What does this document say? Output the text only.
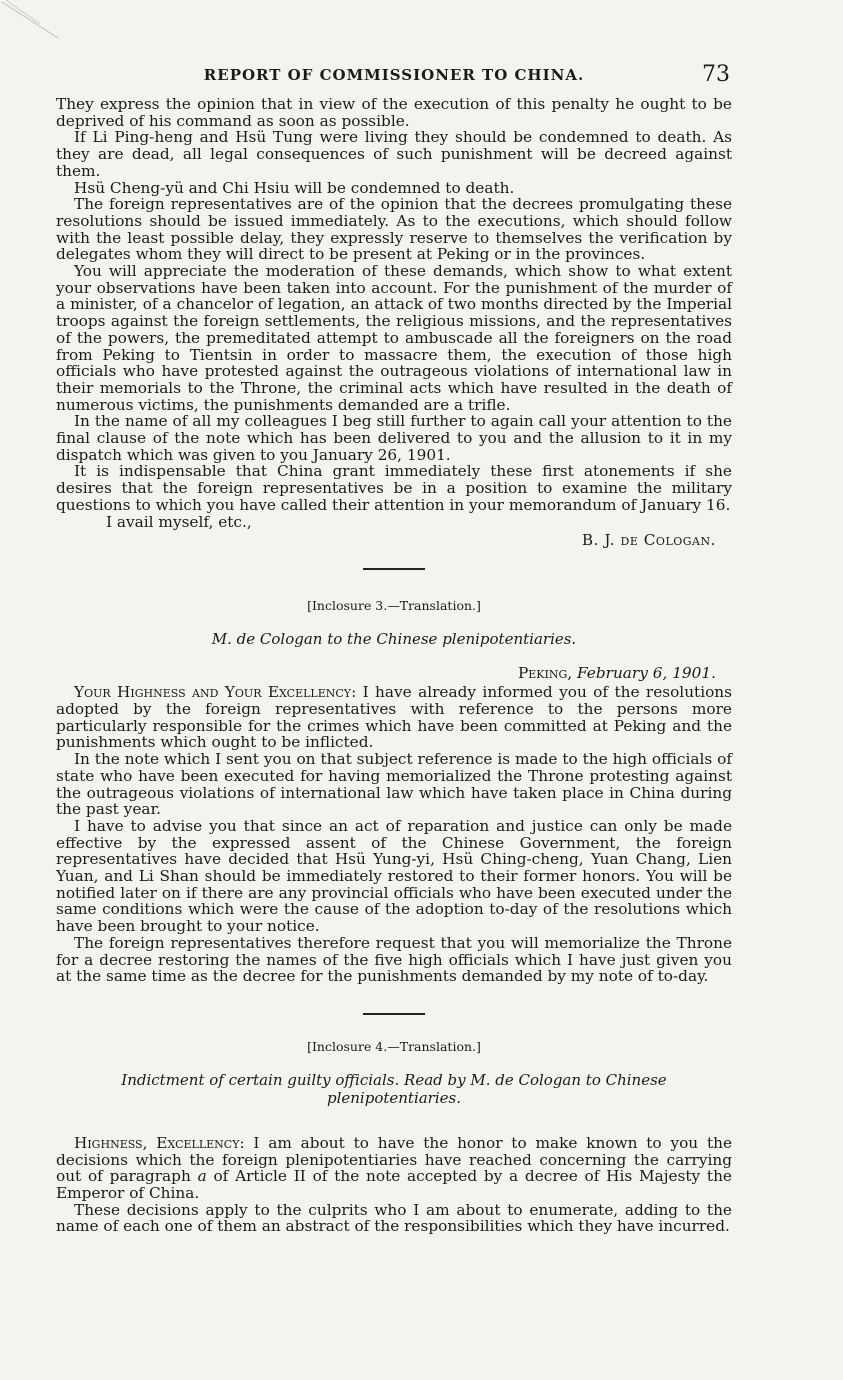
REPORT OF COMMISSIONER TO CHINA.	73

They express the opinion that in view of the execution of this penalty he ought to be deprived of his command as soon as possible.

If Li Ping-heng and Hsü Tung were living they should be condemned to death. As they are dead, all legal consequences of such punishment will be decreed against them.

Hsü Cheng-yü and Chi Hsiu will be condemned to death.

The foreign representatives are of the opinion that the decrees promulgating these resolutions should be issued immediately. As to the executions, which should follow with the least possible delay, they expressly reserve to themselves the verification by delegates whom they will direct to be present at Peking or in the provinces.

You will appreciate the moderation of these demands, which show to what extent your observations have been taken into account. For the punishment of the murder of a minister, of a chancelor of legation, an attack of two months directed by the Imperial troops against the foreign settlements, the religious missions, and the representatives of the powers, the premeditated attempt to ambuscade all the foreigners on the road from Peking to Tientsin in order to massacre them, the execution of those high officials who have protested against the outrageous violations of international law in their memorials to the Throne, the criminal acts which have resulted in the death of numerous victims, the punishments demanded are a trifle.

In the name of all my colleagues I beg still further to again call your attention to the final clause of the note which has been delivered to you and the allusion to it in my dispatch which was given to you January 26, 1901.

It is indispensable that China grant immediately these first atonements if she desires that the foreign representatives be in a position to examine the military questions to which you have called their attention in your memorandum of January 16.

I avail myself, etc.,
B. J. de Cologan.
[Inclosure 3.—Translation.]
M. de Cologan to the Chinese plenipotentiaries.
Peking, February 6, 1901.

Your Highness and Your Excellency: I have already informed you of the resolutions adopted by the foreign representatives with reference to the persons more particularly responsible for the crimes which have been committed at Peking and the punishments which ought to be inflicted.

In the note which I sent you on that subject reference is made to the high officials of state who have been executed for having memorialized the Throne protesting against the outrageous violations of international law which have taken place in China during the past year.

I have to advise you that since an act of reparation and justice can only be made effective by the expressed assent of the Chinese Government, the foreign representatives have decided that Hsü Yung-yi, Hsü Ching-cheng, Yuan Chang, Lien Yuan, and Li Shan should be immediately restored to their former honors. You will be notified later on if there are any provincial officials who have been executed under the same conditions which were the cause of the adoption to-day of the resolutions which have been brought to your notice.

The foreign representatives therefore request that you will memorialize the Throne for a decree restoring the names of the five high officials which I have just given you at the same time as the decree for the punishments demanded by my note of to-day.

[Inclosure 4.—Translation.]
Indictment of certain guilty officials. Read by M. de Cologan to Chinese plenipotentiaries.

Highness, Excellency: I am about to have the honor to make known to you the decisions which the foreign plenipotentiaries have reached concerning the carrying out of paragraph a of Article II of the note accepted by a decree of His Majesty the Emperor of China.

These decisions apply to the culprits who I am about to enumerate, adding to the name of each one of them an abstract of the responsibilities which they have incurred.
